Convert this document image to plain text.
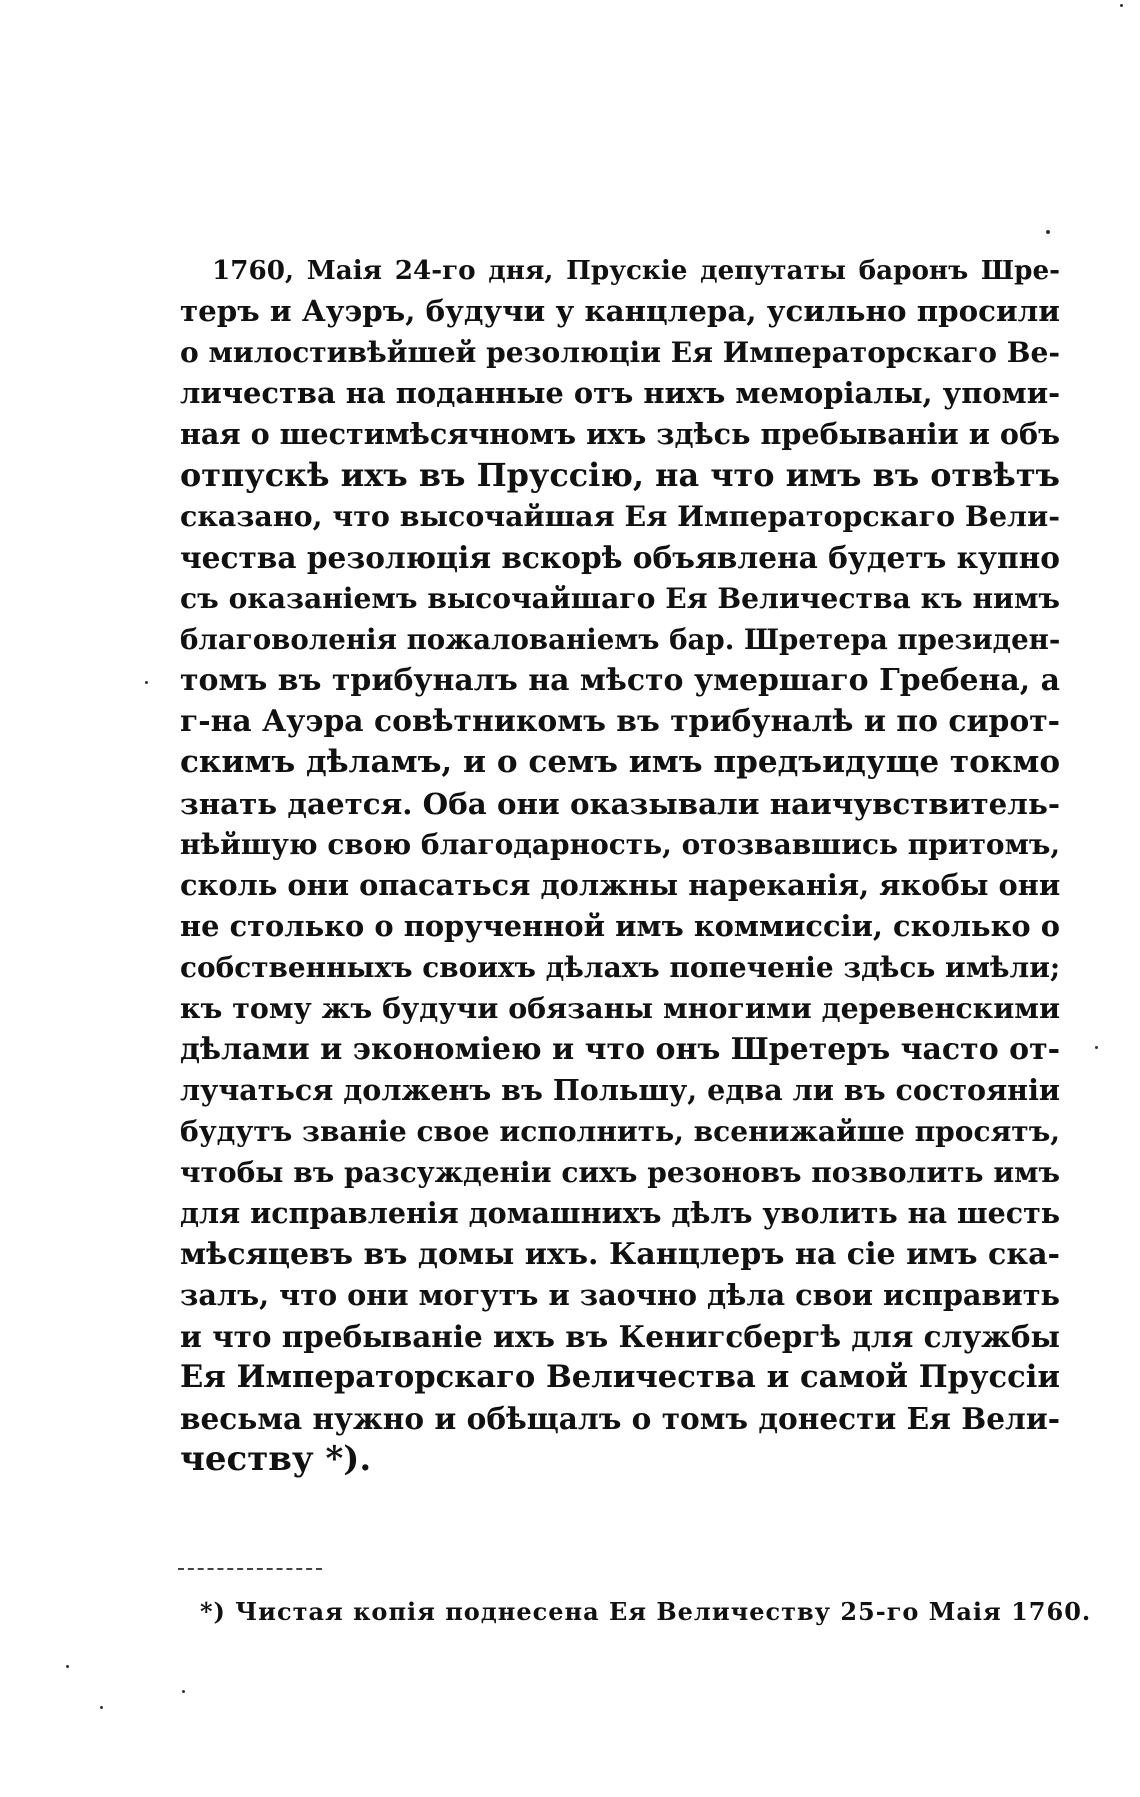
1760, Маія 24-го дня, Прускіе депутаты баронъ Шре-
теръ и Ауэръ, будучи у канцлера, усильно просили
о милостивѣйшей резолюціи Ея Императорскаго Ве-
личества на поданные отъ нихъ меморіалы, упоми-
ная о шестимѣсячномъ ихъ здѣсь пребываніи и объ
отпускѣ ихъ въ Пруссію, на что имъ въ отвѣтъ
сказано, что высочайшая Ея Императорскаго Вели-
чества резолюція вскорѣ объявлена будетъ купно
съ оказаніемъ высочайшаго Ея Величества къ нимъ
благоволенія пожалованіемъ бар. Шретера президен-
томъ въ трибуналъ на мѣсто умершаго Гребена, а
г-на Ауэра совѣтникомъ въ трибуналѣ и по сирот-
скимъ дѣламъ, и о семъ имъ предъидуще токмо
знать дается. Оба они оказывали наичувствитель-
нѣйшую свою благодарность, отозвавшись притомъ,
сколь они опасаться должны нареканія, якобы они
не столько о порученной имъ коммиссіи, сколько о
собственныхъ своихъ дѣлахъ попеченіе здѣсь имѣли;
къ тому жъ будучи обязаны многими деревенскими
дѣлами и экономіею и что онъ Шретеръ часто от-
лучаться долженъ въ Польшу, едва ли въ состояніи
будутъ званіе свое исполнить, всенижайше просятъ,
чтобы въ разсужденіи сихъ резоновъ позволить имъ
для исправленія домашнихъ дѣлъ уволить на шесть
мѣсяцевъ въ домы ихъ. Канцлеръ на сіе имъ ска-
залъ, что они могутъ и заочно дѣла свои исправить
и что пребываніе ихъ въ Кенигсбергѣ для службы
Ея Императорскаго Величества и самой Пруссіи
весьма нужно и обѣщалъ о томъ донести Ея Вели-
честву *).
*) Чистая копія поднесена Ея Величеству 25-го Маія 1760.
